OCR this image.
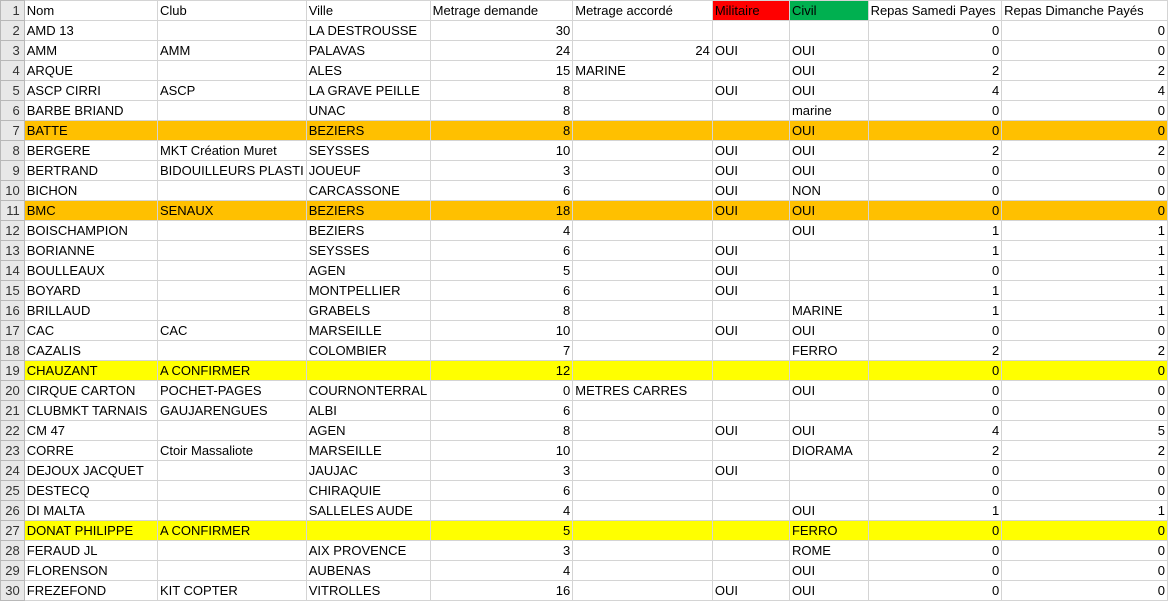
1	Nom	Club	Ville	Metrage demande	Metrage accordé	Militaire	Civil	Repas Samedi Payes	Repas Dimanche Payés
2	AMD 13		LA DESTROUSSE	30				0	0
3	AMM	AMM	PALAVAS	24	24	OUI	OUI	0	0
4	ARQUE		ALES	15	MARINE		OUI	2	2
5	ASCP CIRRI	ASCP	LA GRAVE PEILLE	8		OUI	OUI	4	4
6	BARBE BRIAND		UNAC	8			marine	0	0
7	BATTE		BEZIERS	8			OUI	0	0
8	BERGERE	MKT Création Muret	SEYSSES	10		OUI	OUI	2	2
9	BERTRAND	BIDOUILLEURS PLASTI	JOUEUF	3		OUI	OUI	0	0
10	BICHON		CARCASSONE	6		OUI	NON	0	0
11	BMC	SENAUX	BEZIERS	18		OUI	OUI	0	0
12	BOISCHAMPION		BEZIERS	4			OUI	1	1
13	BORIANNE		SEYSSES	6		OUI		1	1
14	BOULLEAUX		AGEN	5		OUI		0	1
15	BOYARD		MONTPELLIER	6		OUI		1	1
16	BRILLAUD		GRABELS	8			MARINE	1	1
17	CAC	CAC	MARSEILLE	10		OUI	OUI	0	0
18	CAZALIS		COLOMBIER	7			FERRO	2	2
19	CHAUZANT	A CONFIRMER		12				0	0
20	CIRQUE CARTON	POCHET-PAGES	COURNONTERRAL	0	METRES CARRES		OUI	0	0
21	CLUBMKT TARNAIS	GAUJARENGUES	ALBI	6				0	0
22	CM 47		AGEN	8		OUI	OUI	4	5
23	CORRE	Ctoir Massaliote	MARSEILLE	10			DIORAMA	2	2
24	DEJOUX JACQUET		JAUJAC	3		OUI		0	0
25	DESTECQ		CHIRAQUIE	6				0	0
26	DI MALTA		SALLELES AUDE	4			OUI	1	1
27	DONAT PHILIPPE	A CONFIRMER		5			FERRO	0	0
28	FERAUD JL		AIX PROVENCE	3			ROME	0	0
29	FLORENSON		AUBENAS	4			OUI	0	0
30	FREZEFOND	KIT COPTER	VITROLLES	16		OUI	OUI	0	0
